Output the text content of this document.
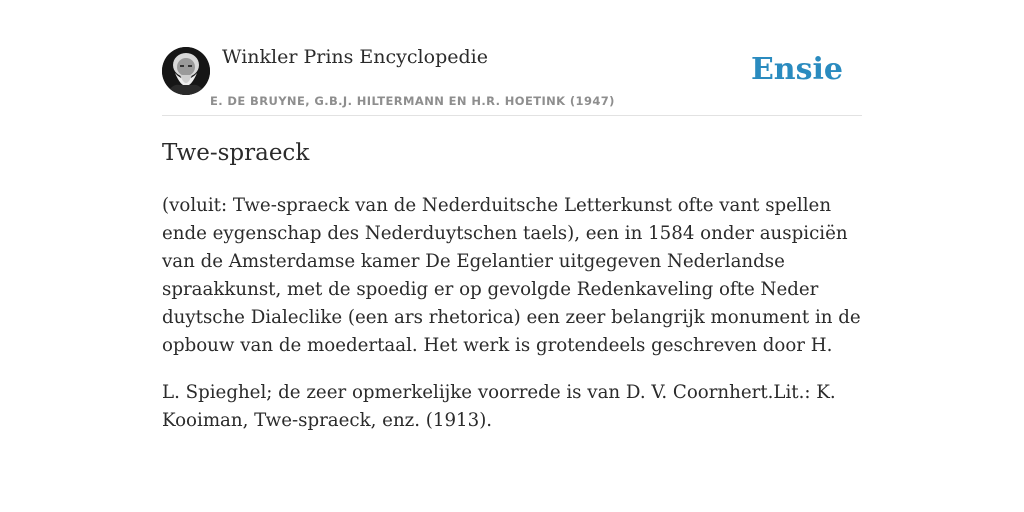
Winkler Prins Encyclopedie
E. DE BRUYNE, G.B.J. HILTERMANN EN H.R. HOETINK (1947)
Ensie
Twe-spraeck

(voluit: Twe-spraeck van de Nederduitsche Letterkunst ofte vant spellen ende eygenschap des Nederduytschen taels), een in 1584 onder auspiciën van de Amsterdamse kamer De Egelantier uitgegeven Nederlandse spraakkunst, met de spoedig er op gevolgde Redenkaveling ofte Neder duytsche Dialeclike (een ars rhetorica) een zeer belangrijk monument in de opbouw van de moedertaal. Het werk is grotendeels geschreven door H.

L. Spieghel; de zeer opmerkelijke voorrede is van D. V. Coornhert.Lit.: K. Kooiman, Twe-spraeck, enz. (1913).
